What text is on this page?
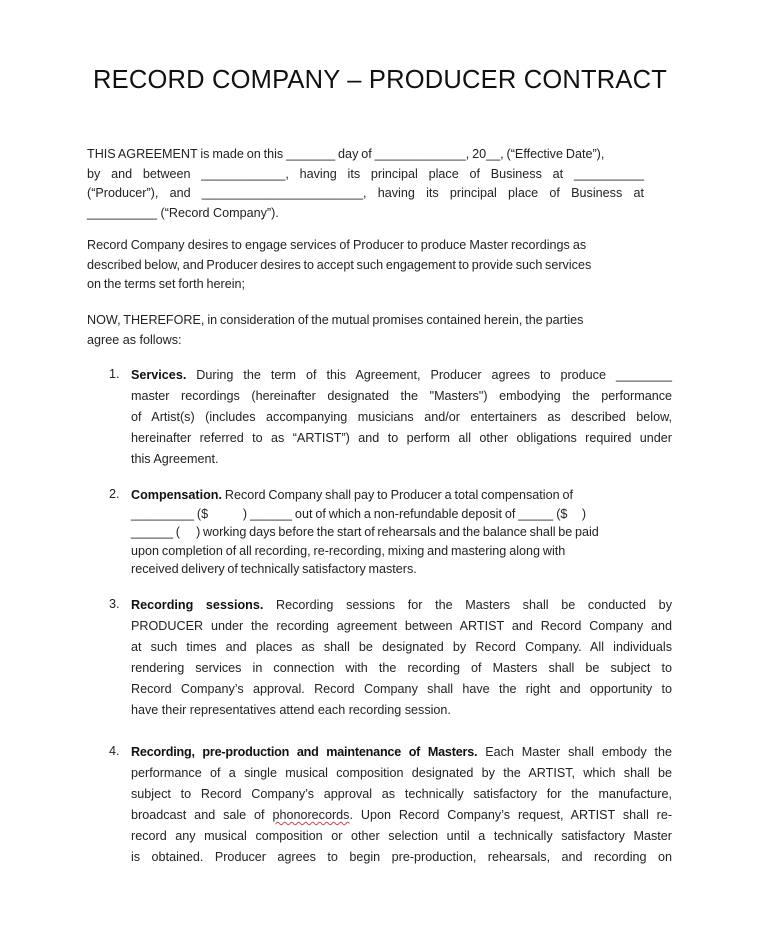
RECORD COMPANY – PRODUCER CONTRACT
THIS AGREEMENT is made on this _______ day of _____________, 20__, (“Effective Date”),
by and between ____________, having its principal place of Business at __________
(“Producer”), and _______________________, having its principal place of Business at
__________ (“Record Company”).
Record Company desires to engage services of Producer to produce Master recordings as
described below, and Producer desires to accept such engagement to provide such services
on the terms set forth herein;
NOW, THEREFORE, in consideration of the mutual promises contained herein, the parties
agree as follows:
1. Services. During the term of this Agreement, Producer agrees to produce ________
master recordings (hereinafter designated the "Masters") embodying the performance
of Artist(s) (includes accompanying musicians and/or entertainers as described below,
hereinafter referred to as “ARTIST”) and to perform all other obligations required under
this Agreement.
2. Compensation. Record Company shall pay to Producer a total compensation of
_________ ($            ) ______ out of which a non-refundable deposit of _____ ($     )
______ (      ) working days before the start of rehearsals and the balance shall be paid
upon completion of all recording, re-recording, mixing and mastering along with
received delivery of technically satisfactory masters.
3. Recording sessions. Recording sessions for the Masters shall be conducted by
PRODUCER under the recording agreement between ARTIST and Record Company and
at such times and places as shall be designated by Record Company. All individuals
rendering services in connection with the recording of Masters shall be subject to
Record Company’s approval. Record Company shall have the right and opportunity to
have their representatives attend each recording session.
4. Recording, pre-production and maintenance of Masters. Each Master shall embody the
performance of a single musical composition designated by the ARTIST, which shall be
subject to Record Company’s approval as technically satisfactory for the manufacture,
broadcast and sale of phonorecords. Upon Record Company’s request, ARTIST shall re-
record any musical composition or other selection until a technically satisfactory Master
is obtained. Producer agrees to begin pre-production, rehearsals, and recording on
